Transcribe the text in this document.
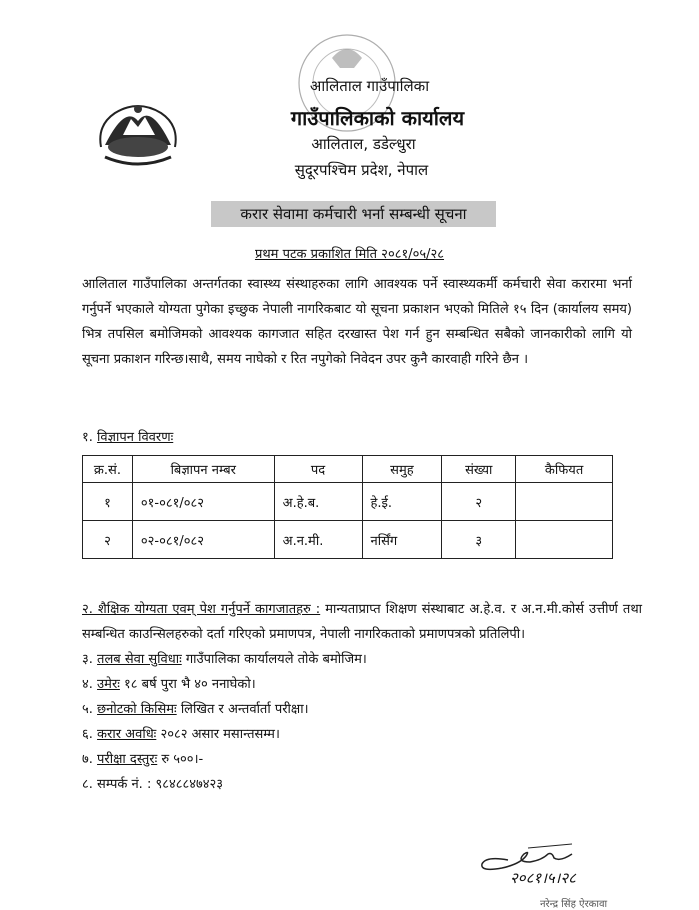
आलिताल गाउँपालिका
गाउँपालिकाको कार्यालय
आलिताल, डडेल्धुरा
सुदूरपश्चिम प्रदेश, नेपाल
करार सेवामा कर्मचारी भर्ना सम्बन्धी सूचना
प्रथम पटक प्रकाशित मिति २०८१/०५/२८
आलिताल गाउँपालिका अन्तर्गतका स्वास्थ्य संस्थाहरुका लागि आवश्यक पर्ने स्वास्थ्यकर्मी कर्मचारी सेवा करारमा भर्ना गर्नुपर्ने भएकाले योग्यता पुगेका इच्छुक नेपाली नागरिकबाट यो सूचना प्रकाशन भएको मितिले १५ दिन (कार्यालय समय) भित्र तपसिल बमोजिमको आवश्यक कागजात सहित दरखास्त पेश गर्न हुन सम्बन्धित सबैको जानकारीको लागि यो सूचना प्रकाशन गरिन्छ।साथै, समय नाघेको र रित नपुगेको निवेदन उपर कुनै कारवाही गरिने छैन ।
१. विज्ञापन विवरणः
क्र.सं.	बिज्ञापन नम्बर	पद	समुह	संख्या	कैफियत
१	०१-०८१/०८२	अ.हे.ब.	हे.ई.	२	
२	०२-०८१/०८२	अ.न.मी.	नर्सिंग	३	
२. शैक्षिक योग्यता एवम् पेश गर्नुपर्ने कागजातहरु : मान्यताप्राप्त शिक्षण संस्थाबाट अ.हे.व. र अ.न.मी.कोर्स उत्तीर्ण तथा सम्बन्धित काउन्सिलहरुको दर्ता गरिएको प्रमाणपत्र, नेपाली नागरिकताको प्रमाणपत्रको प्रतिलिपी।
३. तलब सेवा सुविधाः गाउँपालिका कार्यालयले तोके बमोजिम।
४. उमेरः १८ बर्ष पुरा भै ४० ननाघेको।
५. छनोटको किसिमः लिखित र अन्तर्वार्ता परीक्षा।
६. करार अवधिः २०८२ असार मसान्तसम्म।
७. परीक्षा दस्तुरः रु ५००।-
८. सम्पर्क नं. : ९८४८८४७४२३
२०८१।५।२८
नरेन्द्र सिंह ऐरकावा
